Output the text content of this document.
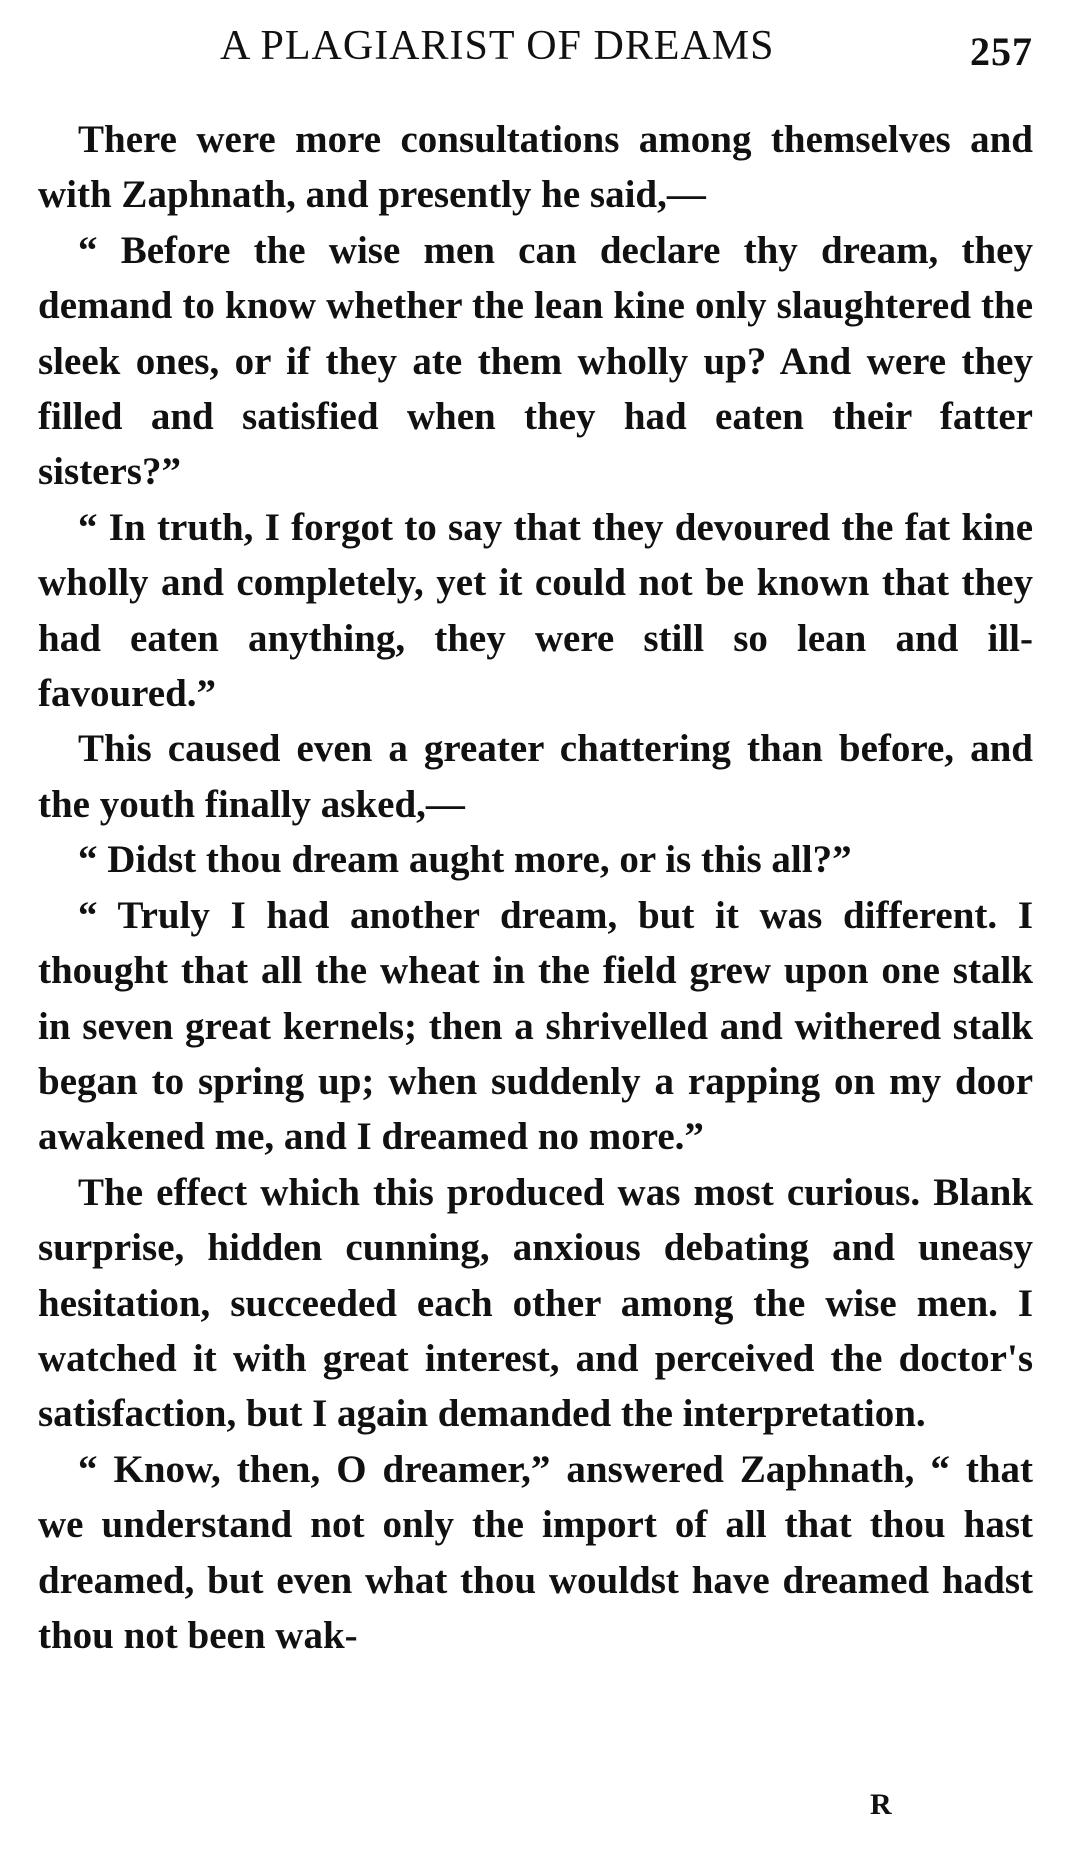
A PLAGIARIST OF DREAMS	257

There were more consultations among themselves and with Zaphnath, and presently he said,—

“ Before the wise men can declare thy dream, they demand to know whether the lean kine only slaughtered the sleek ones, or if they ate them wholly up? And were they filled and satisfied when they had eaten their fatter sisters?”

“ In truth, I forgot to say that they devoured the fat kine wholly and completely, yet it could not be known that they had eaten anything, they were still so lean and ill-favoured.”

This caused even a greater chattering than before, and the youth finally asked,—

“ Didst thou dream aught more, or is this all?”

“ Truly I had another dream, but it was different. I thought that all the wheat in the field grew upon one stalk in seven great kernels; then a shrivelled and withered stalk began to spring up; when suddenly a rapping on my door awakened me, and I dreamed no more.”

The effect which this produced was most curious. Blank surprise, hidden cunning, anxious debating and uneasy hesitation, succeeded each other among the wise men. I watched it with great interest, and perceived the doctor's satisfaction, but I again demanded the interpretation.

“ Know, then, O dreamer,” answered Zaphnath, “ that we understand not only the import of all that thou hast dreamed, but even what thou wouldst have dreamed hadst thou not been wak-

R
